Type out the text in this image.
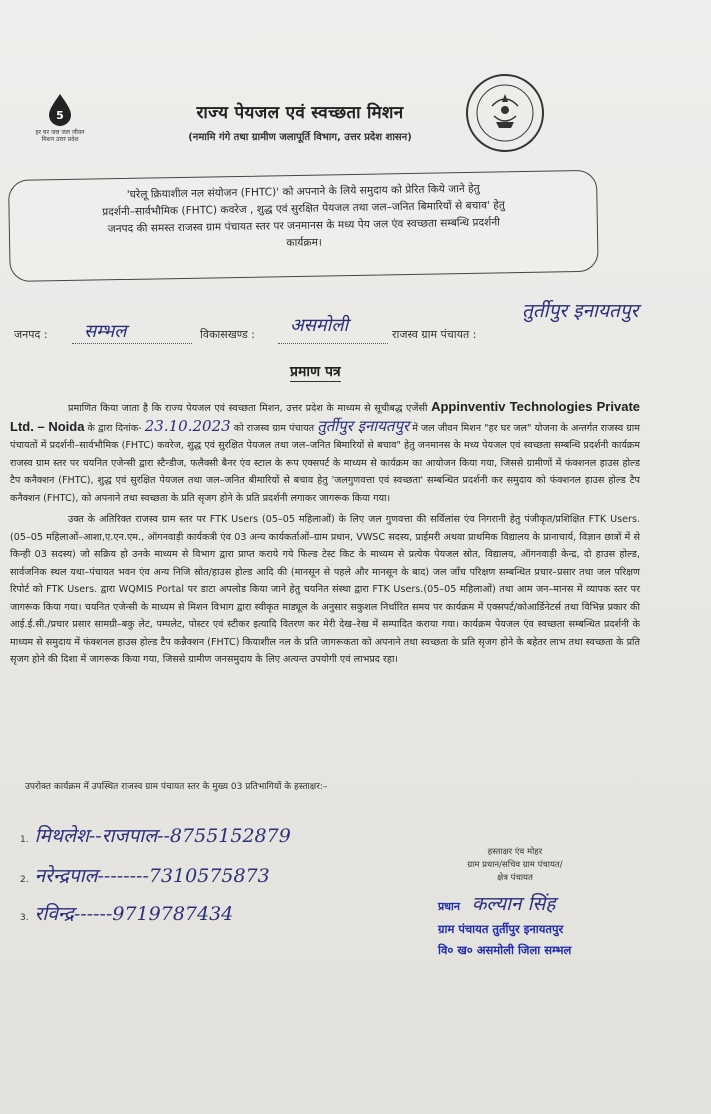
5
हर घर जल जल जीवन मिशन उत्तर प्रदेश
राज्य पेयजल एवं स्वच्छता मिशन
(नमामि गंगे तथा ग्रामीण जलापूर्ति विभाग, उत्तर प्रदेश शासन)
'घरेलू क्रियाशील नल संयोजन (FHTC)' को अपनाने के लिये समुदाय को प्रेरित किये जाने हेतु
प्रदर्शनी–सार्वभौमिक (FHTC) कवरेज , शुद्ध एवं सुरक्षित पेयजल तथा जल–जनित बिमारियों से बचाव' हेतु
जनपद की समस्त राजस्व ग्राम पंचायत स्तर पर जनमानस के मध्य पेय जल एंव स्वच्छता सम्बन्धि प्रदर्शनी
कार्यक्रम।
जनपद : सम्भल	विकासखण्ड : असमोली	राजस्व ग्राम पंचायत :
तुर्तीपुर इनायतपुर
प्रमाण पत्र

प्रमाणित किया जाता है कि राज्य पेयजल एवं स्वच्छता मिशन, उत्तर प्रदेश के माध्यम से सूचीबद्ध एजेंसी Appinventiv Technologies Private Ltd. – Noida के द्वारा दिनांक- 23.10.2023 को राजस्व ग्राम पंचायत तुर्तीपुर इनायतपुर में जल जीवन मिशन "हर घर जल" योजना के अन्तर्गत राजस्व ग्राम पंचायतों में प्रदर्शनी–सार्वभौमिक (FHTC) कवरेज, शुद्ध एवं सुरक्षित पेयजल तथा जल–जनित बिमारियों से बचाव" हेतु जनमानस के मध्य पेयजल एवं स्वच्छता सम्बन्धि प्रदर्शनी कार्यक्रम राजस्व ग्राम स्तर पर चयनित एजेन्सी द्वारा स्टैन्डीज, फलैक्सी बैनर एंव स्टाल के रूप एक्सपर्ट के माध्यम से कार्यक्रम का आयोजन किया गया, जिससे ग्रामीणों में फंक्शनल हाउस होल्ड टैप कनैक्शन (FHTC), शुद्ध एवं सुरक्षित पेयजल तथा जल–जनित बीमारियों से बचाव हेतु 'जलगुणवत्ता एवं स्वच्छता' सम्बन्धित प्रदर्शनी कर समुदाय को फंक्शनल हाउस होल्ड टैप कनैक्शन (FHTC), को अपनाने तथा स्वच्छता के प्रति सृजग होने के प्रति प्रदर्शनी लगाकर जागरूक किया गया।

उक्त के अतिरिक्त राजस्व ग्राम स्तर पर FTK Users (05–05 महिलाओं) के लिए जल गुणवत्ता की सर्विलांस एंव निगरानी हेतु पंजीकृत/प्रशिक्षित FTK Users.(05–05 महिलाओं–आशा,ए.एन.एम., ऑगनवाड़ी कार्यकत्री एंव 03 अन्य कार्यकर्ताओं–ग्राम प्रधान, VWSC सदस्य, प्राईमरी अथवा प्राथमिक विद्यालय के प्रानाचार्य, विज्ञान छात्रों में से किन्ही 03 सदस्य) जो सक्रिय हो उनके माध्यम से विभाग द्वारा प्राप्त कराये गये फिल्ड टेस्ट किट के माध्यम से प्रत्येक पेयजल स्रोत, विद्यालय, ऑगनवाड़ी केन्द्र, दो हाउस होल्ड, सार्वजनिक स्थल यथा–पंचायत भवन एंव अन्य निजि स्रोत/हाउस होल्ड आदि की (मानसून से पहले और मानसून के बाद) जल जाँच परिक्षण सम्बन्धित प्रचार–प्रसार तथा जल परिक्षण रिपोर्ट को FTK Users. द्वारा WQMIS Portal पर डाटा अपलोड किया जाने हेतु चयनित संस्था द्वारा FTK Users.(05–05 महिलाओं) तथा आम जन–मानस में व्यापक स्तर पर जागरूक किया गया। चयनित एजेन्सी के माध्यम से मिशन विभाग द्वारा स्वीकृत माड्यूल के अनुसार सकुशल निर्धारित समय पर कार्यक्रम में एक्सपर्ट/कोआर्डिनेटर्स तथा विभिन्न प्रकार की आई.ई.सी./प्रचार प्रसार सामग्री–बकु लेट, पम्पलेट, पोस्टर एवं स्टीकर इत्यादि वितरण कर मेरी देख–रेख में सम्पादित कराया गया। कार्यक्रम पेयजल एंव स्वच्छता सम्बन्धित प्रदर्शनी के माध्यम से समुदाय में फंक्शनल हाउस होल्ड टैप कन्नैक्शन (FHTC) कियाशील नल के प्रति जागरूकता को अपनाने तथा स्वच्छता के प्रति सृजग होने के बहेतर लाभ तथा स्वच्छता के प्रति सृजग होने की दिशा में जागरूक किया गया, जिससे ग्रामीण जनसमुदाय के लिए अत्यन्त उपयोगी एवं लाभप्रद रहा।

उपरोक्त कार्यक्रम में उपस्थित राजस्व ग्राम पंचायत स्तर के मुख्य 03 प्रतिभागियों के हस्ताक्षर:–
1. मिथलेश--राजपाल--8755152879
2. नरेन्द्रपाल--------7310575873
3. रविन्द्र------9719787434
हस्ताक्षर एंव मोहर
ग्राम प्रधान/सचिव ग्राम पंचायत/
क्षेत्र पंचायत
प्रधान कल्यान सिंह
ग्राम पंचायत तुर्तीपुर इनायतपुर
वि० ख० असमोली जिला सम्भल
